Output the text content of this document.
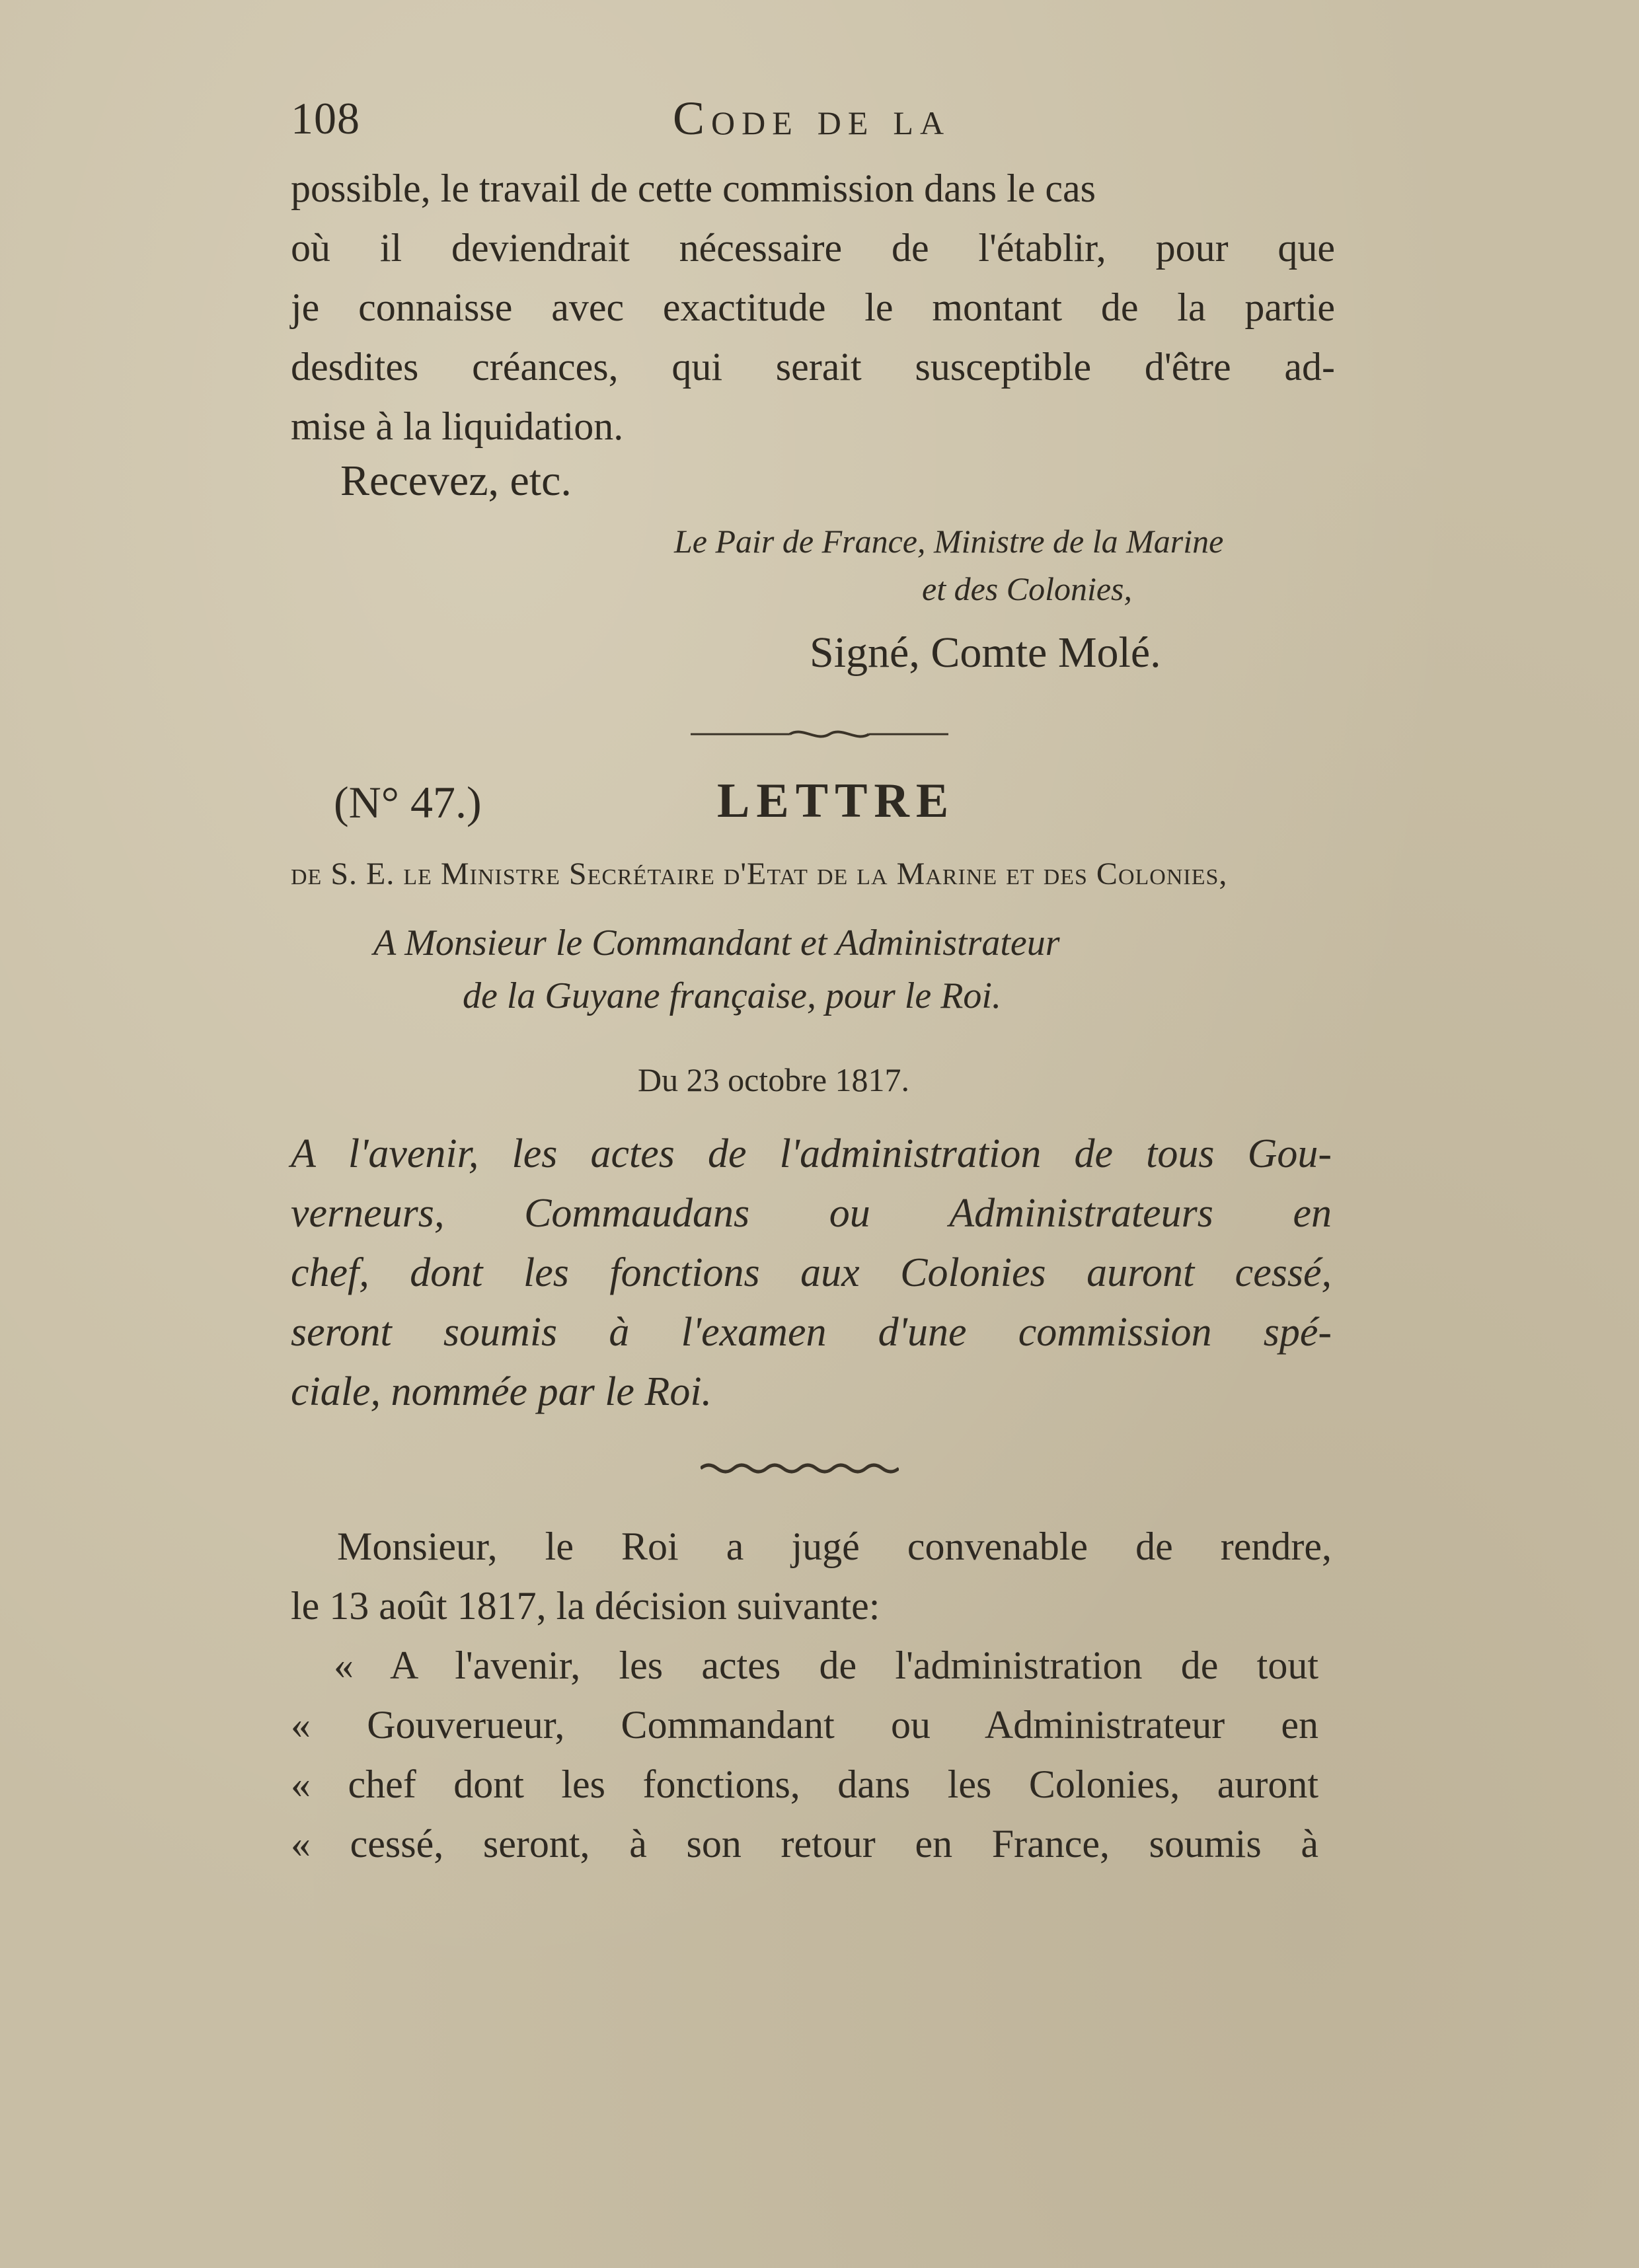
108	Code de la
possible, le travail de cette commission dans le cas
où il deviendrait nécessaire de l'établir, pour que
je connaisse avec exactitude le montant de la partie
desdites créances, qui serait susceptible d'être ad-
mise à la liquidation.
Recevez, etc.
Le Pair de France, Ministre de la Marine
et des Colonies,
Signé, Comte Molé.
(N° 47.)	LETTRE
de S. E. le Ministre Secrétaire d'Etat de la Marine et des Colonies,
A Monsieur le Commandant et Administrateur
de la Guyane française, pour le Roi.
Du 23 octobre 1817.
A l'avenir, les actes de l'administration de tous Gou-
verneurs, Commaudans ou Administrateurs en
chef, dont les fonctions aux Colonies auront cessé,
seront soumis à l'examen d'une commission spé-
ciale, nommée par le Roi.
Monsieur, le Roi a jugé convenable de rendre,
le 13 août 1817, la décision suivante:
« A l'avenir, les actes de l'administration de tout
« Gouverueur, Commandant ou Administrateur en
« chef dont les fonctions, dans les Colonies, auront
« cessé, seront, à son retour en France, soumis à
